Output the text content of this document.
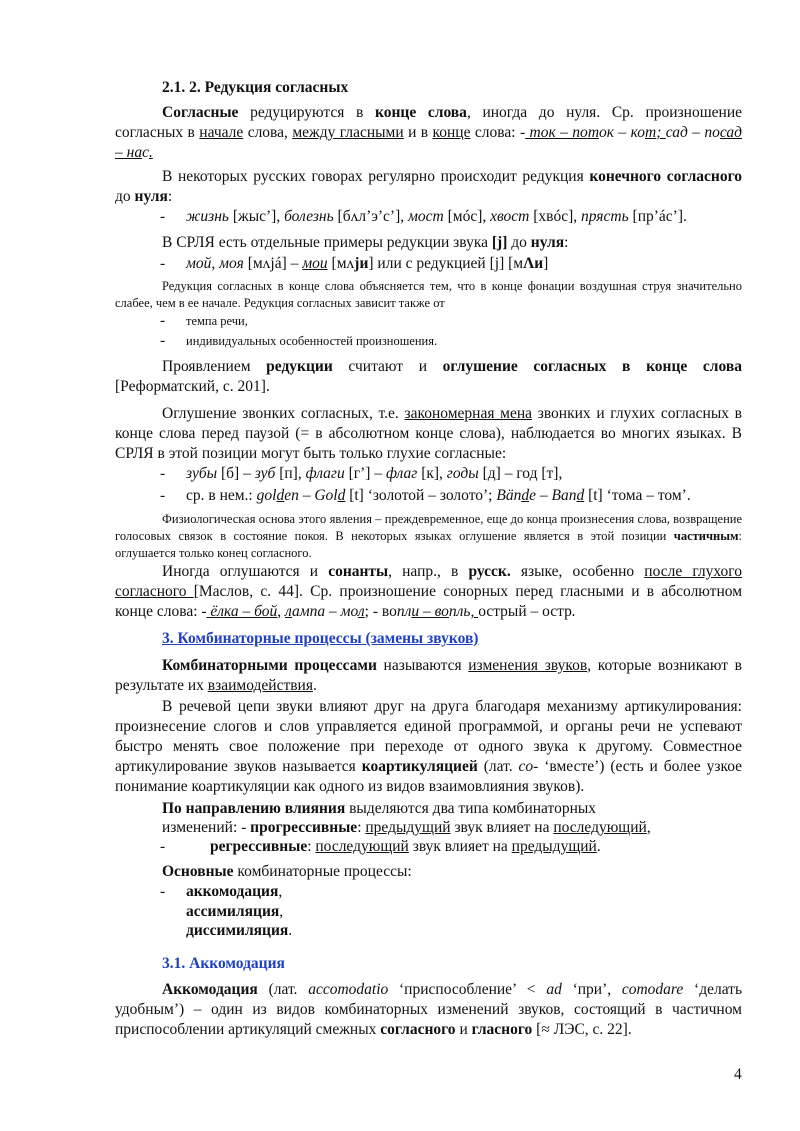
2.1. 2. Редукция согласных
Согласные редуцируются в конце слова, иногда до нуля. Ср. произношение согласных в начале слова, между гласными и в конце слова: - ток – поток – кот; сад – посад – нас.
В некоторых русских говорах регулярно происходит редукция конечного согласного до нуля:
- жизнь [жыс’], болезнь [бʌл’э’с’], мост [мóс], хвост [хвóс], прясть [пр’áс’].
В СРЛЯ есть отдельные примеры редукции звука [j] до нуля:
- мой, моя [мʌjá] – мои [мʌjи] или с редукцией [j] [мΛи]
Редукция согласных в конце слова объясняется тем, что в конце фонации воздушная струя значительно слабее, чем в ее начале. Редукция согласных зависит также от
- темпа речи,
- индивидуальных особенностей произношения.
Проявлением редукции считают и оглушение согласных в конце слова [Реформатский, с. 201].
Оглушение звонких согласных, т.е. закономерная мена звонких и глухих согласных в конце слова перед паузой (= в абсолютном конце слова), наблюдается во многих языках. В СРЛЯ в этой позиции могут быть только глухие согласные:
- зубы [б] – зуб [п], флаги [г’] – флаг [к], годы [д] – год [т],
- ср. в нем.: golden – Gold [t] ‘золотой – золото’; Bände – Band [t] ‘тома – том’.
Физиологическая основа этого явления – преждевременное, еще до конца произнесения слова, возвращение голосовых связок в состояние покоя. В некоторых языках оглушение является в этой позиции частичным: оглушается только конец согласного.
Иногда оглушаются и сонанты, напр., в русск. языке, особенно после глухого согласного [Маслов, с. 44]. Ср. произношение сонорных перед гласными и в абсолютном конце слова: - ёлка – бой, лампа – мол; - вопли – вопль, острый – остр.
3. Комбинаторные процессы (замены звуков)
Комбинаторными процессами называются изменения звуков, которые возникают в результате их взаимодействия.
В речевой цепи звуки влияют друг на друга благодаря механизму артикулирования: произнесение слогов и слов управляется единой программой, и органы речи не успевают быстро менять свое положение при переходе от одного звука к другому. Совместное артикулирование звуков называется коартикуляцией (лат. co- ‘вместе’) (есть и более узкое понимание коартикуляции как одного из видов взаимовлияния звуков).
По направлению влияния выделяются два типа комбинаторных
изменений: - прогрессивные: предыдущий звук влияет на последующий,
-	регрессивные: последующий звук влияет на предыдущий.
Основные комбинаторные процессы:
- аккомодация,
ассимиляция,
диссимиляция.
3.1. Аккомодация
Аккомодация (лат. accomodatio ‘приспособление’ < ad ‘при’, comodare ‘делать удобным’) – один из видов комбинаторных изменений звуков, состоящий в частичном приспособлении артикуляций смежных согласного и гласного [≈ ЛЭС, с. 22].
4
